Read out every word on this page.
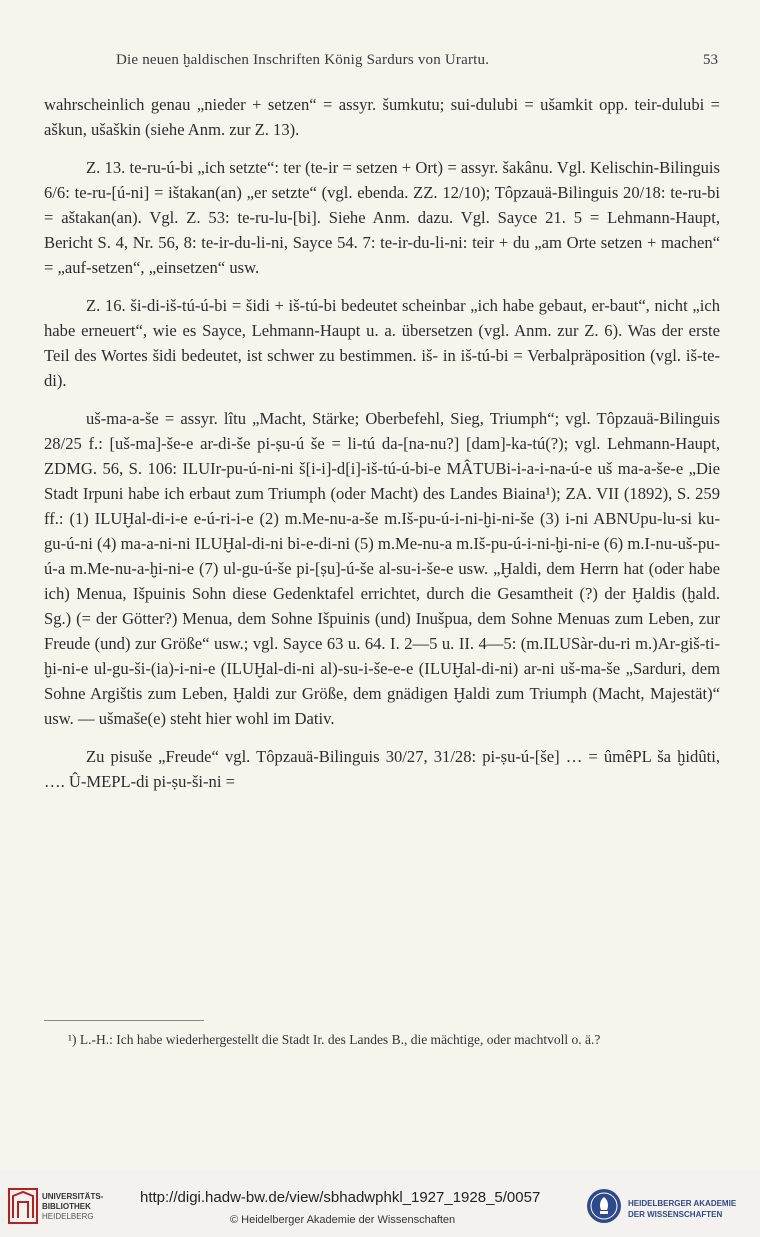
Die neuen ḫaldischen Inschriften König Sardurs von Urartu.	53

wahrscheinlich genau „nieder + setzen“ = assyr. šumkutu; sui-dulubi = ušamkit opp. teir-dulubi = aškun, ušaškin (siehe Anm. zur Z. 13).

Z. 13. te-ru-ú-bi „ich setzte“: ter (te-ir = setzen + Ort) = assyr. šakânu. Vgl. Kelischin-Bilinguis 6/6: te-ru-[ú-ni] = ištakan(an) „er setzte“ (vgl. ebenda. ZZ. 12/10); Tôpzauä-Bilinguis 20/18: te-ru-bi = aštakan(an). Vgl. Z. 53: te-ru-lu-[bi]. Siehe Anm. dazu. Vgl. Sayce 21. 5 = Lehmann-Haupt, Bericht S. 4, Nr. 56, 8: te-ir-du-li-ni, Sayce 54. 7: te-ir-du-li-ni: teir + du „am Orte setzen + machen“ = „auf-setzen“, „einsetzen“ usw.

Z. 16. ši-di-iš-tú-ú-bi = šidi + iš-tú-bi bedeutet scheinbar „ich habe gebaut, er-baut“, nicht „ich habe erneuert“, wie es Sayce, Lehmann-Haupt u. a. übersetzen (vgl. Anm. zur Z. 6). Was der erste Teil des Wortes šidi bedeutet, ist schwer zu bestimmen. iš- in iš-tú-bi = Verbalpräposition (vgl. iš-te-di).

uš-ma-a-še = assyr. lîtu „Macht, Stärke; Oberbefehl, Sieg, Triumph“; vgl. Tôpzauä-Bilinguis 28/25 f.: [uš-ma]-še-e ar-di-še pi-ṣu-ú še = li-tú da-[na-nu?] [dam]-ka-tú(?); vgl. Lehmann-Haupt, ZDMG. 56, S. 106: ILUIr-pu-ú-ni-ni š[i-i]-d[i]-iš-tú-ú-bi-e MÂTUBi-i-a-i-na-ú-e uš ma-a-še-e „Die Stadt Irpuni habe ich erbaut zum Triumph (oder Macht) des Landes Biaina¹); ZA. VII (1892), S. 259 ff.: (1) ILUḪal-di-i-e e-ú-ri-i-e (2) m.Me-nu-a-še m.Iš-pu-ú-i-ni-ḫi-ni-še (3) i-ni ABNUpu-lu-si ku-gu-ú-ni (4) ma-a-ni-ni ILUḪal-di-ni bi-e-di-ni (5) m.Me-nu-a m.Iš-pu-ú-i-ni-ḫi-ni-e (6) m.I-nu-uš-pu-ú-a m.Me-nu-a-ḫi-ni-e (7) ul-gu-ú-še pi-[ṣu]-ú-še al-su-i-še-e usw. „Ḫaldi, dem Herrn hat (oder habe ich) Menua, Išpuinis Sohn diese Gedenktafel errichtet, durch die Gesamtheit (?) der Ḫaldis (ḫald. Sg.) (= der Götter?) Menua, dem Sohne Išpuinis (und) Inušpua, dem Sohne Menuas zum Leben, zur Freude (und) zur Größe“ usw.; vgl. Sayce 63 u. 64. I. 2—5 u. II. 4—5: (m.ILUSàr-du-ri m.)Ar-giš-ti-ḫi-ni-e ul-gu-ši-(ia)-i-ni-e (ILUḪal-di-ni al)-su-i-še-e-e (ILUḪal-di-ni) ar-ni uš-ma-še „Sarduri, dem Sohne Argištis zum Leben, Ḫaldi zur Größe, dem gnädigen Ḫaldi zum Triumph (Macht, Majestät)“ usw. — ušmaše(e) steht hier wohl im Dativ.

Zu pisuše „Freude“ vgl. Tôpzauä-Bilinguis 30/27, 31/28: pi-ṣu-ú-[še] … = ûmêPL ša ḫidûti, …. Û-MEPL-di pi-ṣu-ši-ni =

¹) L.-H.: Ich habe wiederhergestellt die Stadt Ir. des Landes B., die mächtige, oder machtvoll o. ä.?
UNIVERSITÄTS-
BIBLIOTHEK
HEIDELBERG
http://digi.hadw-bw.de/view/sbhadwphkl_1927_1928_5/0057
© Heidelberger Akademie der Wissenschaften
HEIDELBERGER AKADEMIE
DER WISSENSCHAFTEN
